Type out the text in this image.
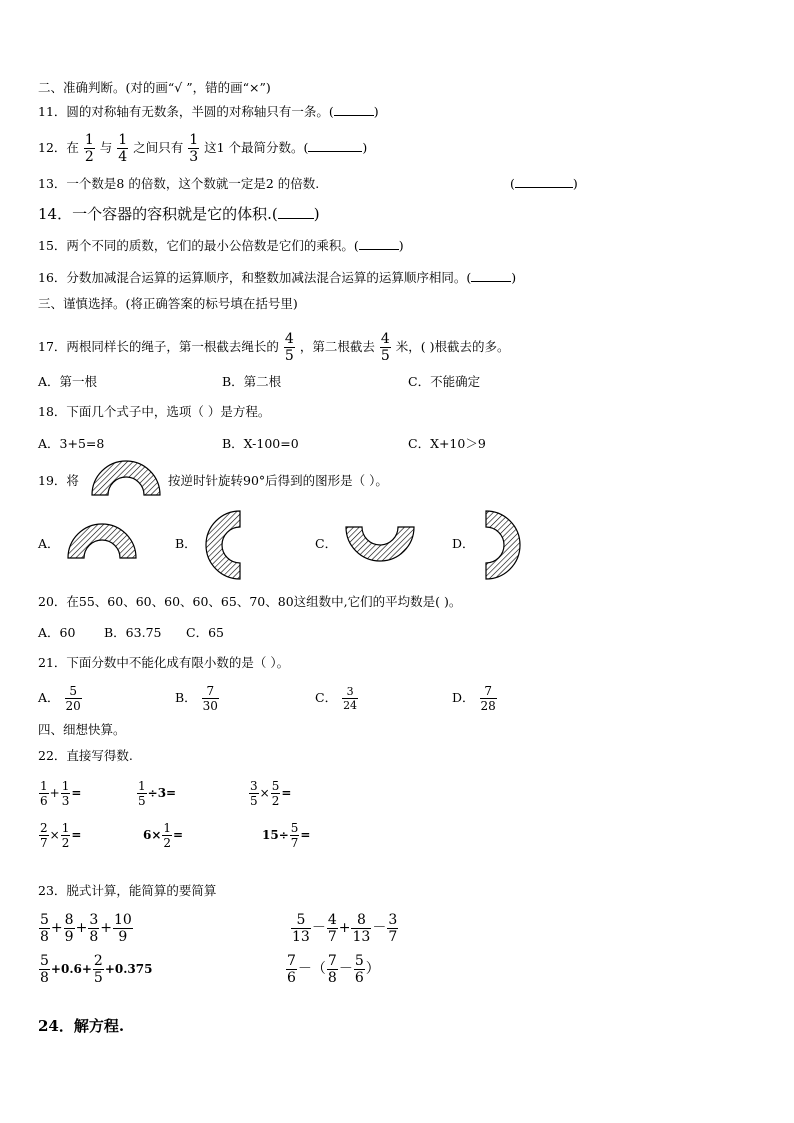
二、准确判断。(对的画“√ ”，错的画“×”)
11．圆的对称轴有无数条，半圆的对称轴只有一条。(	)
12．在 $\frac{1}{2}$ 与 $\frac{1}{4}$ 之间只有 $\frac{1}{3}$ 这1 个最简分数。(	)
13．一个数是8 的倍数，这个数就一定是2 的倍数.	(	)
14．一个容器的容积就是它的体积.( )
15．两个不同的质数，它们的最小公倍数是它们的乘积。(	)
16．分数加减混合运算的运算顺序，和整数加减法混合运算的运算顺序相同。(	)
三、谨慎选择。(将正确答案的标号填在括号里)
17．两根同样长的绳子，第一根截去绳长的 $\frac{4}{5}$ ，第二根截去 $\frac{4}{5}$ 米，( )根截去的多。
A．第一根	B．第二根	C．不能确定
18．下面几个式子中，选项（ ）是方程。
A．3+5=8	B．X-100=0	C．X+10＞9
19．将	按逆时针旋转90°后得到的图形是（ ）。
A．	B．	C．	D．
20．在55、60、60、60、60、65、70、80这组数中,它们的平均数是( )。
A．60 B．63.75 C．65
21．下面分数中不能化成有限小数的是（ ）。
A． $\frac{5}{20}$	B． $\frac{7}{30}$	C． $\frac{3}{24}$	D． $\frac{7}{28}$
四、细想快算。
22．直接写得数.
$\frac{1}{6} + \frac{1}{3}$ =	$\frac{1}{5} \div 3=$	$\frac{3}{5} \times \frac{5}{2}$ =
$\frac{2}{7} \times \frac{1}{2}$ =	$6\times \frac{1}{2}$ =	$15\div \frac{5}{7}$ =
23．脱式计算，能简算的要简算
$\frac{5}{8} + \frac{8}{9} + \frac{3}{8} + \frac{10}{9}$	$\frac{5}{13} - \frac{4}{7} + \frac{8}{13} - \frac{3}{7}$
$\frac{5}{8} +0.6+ \frac{2}{5} +0.375$	$\frac{7}{6}$ －（ $\frac{7}{8} - \frac{5}{6}$ ）
24．解方程.
